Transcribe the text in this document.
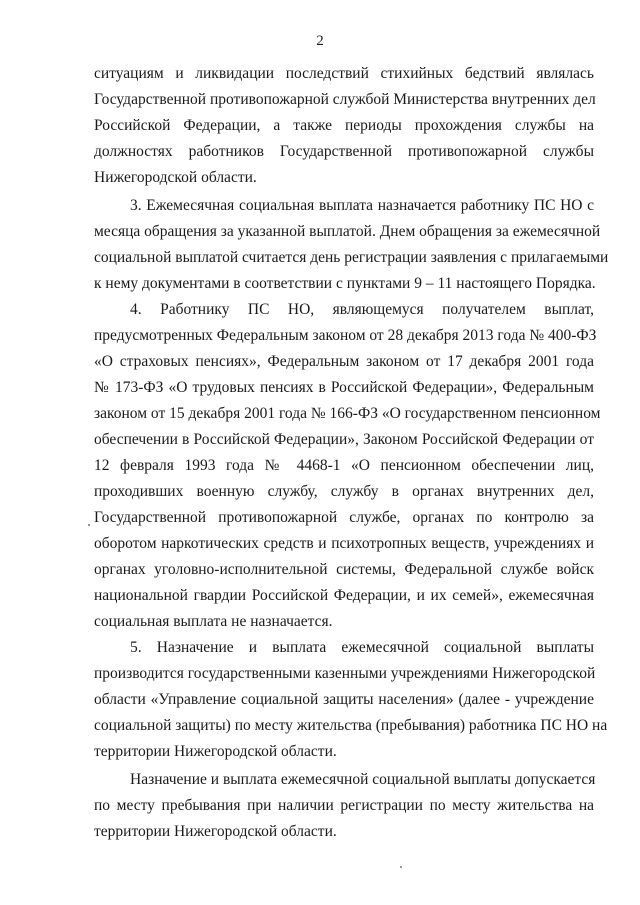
2
ситуациям и ликвидации последствий стихийных бедствий являлась
Государственной противопожарной службой Министерства внутренних дел
Российской Федерации, а также периоды прохождения службы на
должностях работников Государственной противопожарной службы
Нижегородской области.
3. Ежемесячная социальная выплата назначается работнику ПС НО с
месяца обращения за указанной выплатой. Днем обращения за ежемесячной
социальной выплатой считается день регистрации заявления с прилагаемыми
к нему документами в соответствии с пунктами 9 – 11 настоящего Порядка.
4. Работнику ПС НО, являющемуся получателем выплат,
предусмотренных Федеральным законом от 28 декабря 2013 года № 400-ФЗ
«О страховых пенсиях», Федеральным законом от 17 декабря 2001 года
№ 173-ФЗ «О трудовых пенсиях в Российской Федерации», Федеральным
законом от 15 декабря 2001 года № 166-ФЗ «О государственном пенсионном
обеспечении в Российской Федерации», Законом Российской Федерации от
12 февраля 1993 года № 4468-1 «О пенсионном обеспечении лиц,
проходивших военную службу, службу в органах внутренних дел,
Государственной противопожарной службе, органах по контролю за
оборотом наркотических средств и психотропных веществ, учреждениях и
органах уголовно-исполнительной системы, Федеральной службе войск
национальной гвардии Российской Федерации, и их семей», ежемесячная
социальная выплата не назначается.
5. Назначение и выплата ежемесячной социальной выплаты
производится государственными казенными учреждениями Нижегородской
области «Управление социальной защиты населения» (далее - учреждение
социальной защиты) по месту жительства (пребывания) работника ПС НО на
территории Нижегородской области.
Назначение и выплата ежемесячной социальной выплаты допускается
по месту пребывания при наличии регистрации по месту жительства на
территории Нижегородской области.
